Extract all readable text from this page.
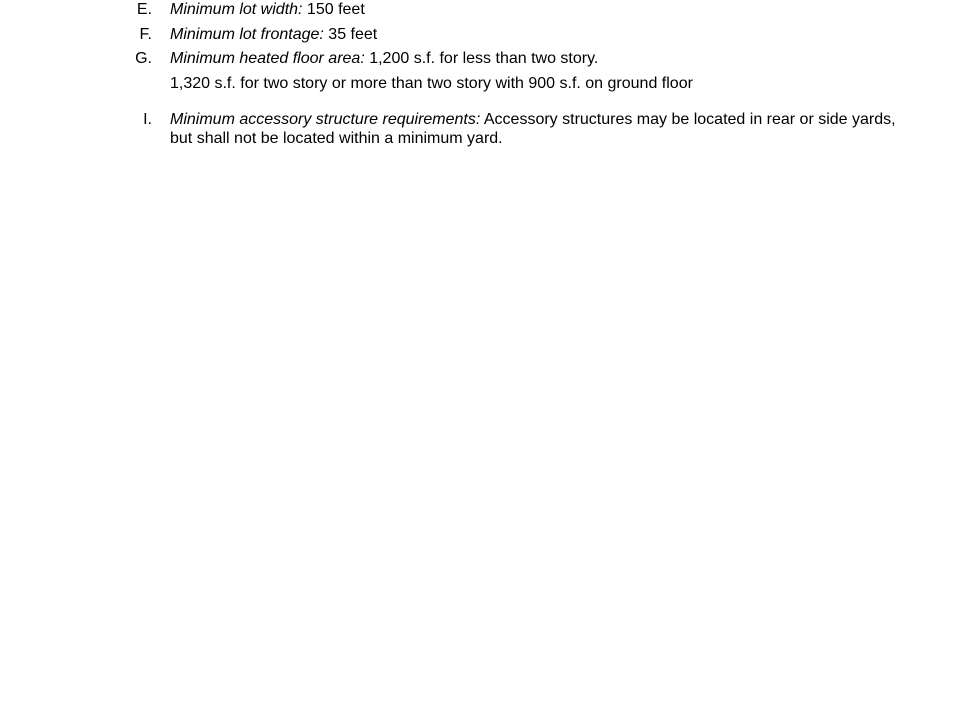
E. Minimum lot width: 150 feet
F. Minimum lot frontage: 35 feet
G. Minimum heated floor area: 1,200 s.f. for less than two story.
1,320 s.f. for two story or more than two story with 900 s.f. on ground floor
I. Minimum accessory structure requirements: Accessory structures may be located in rear or side yards,
but shall not be located within a minimum yard.
